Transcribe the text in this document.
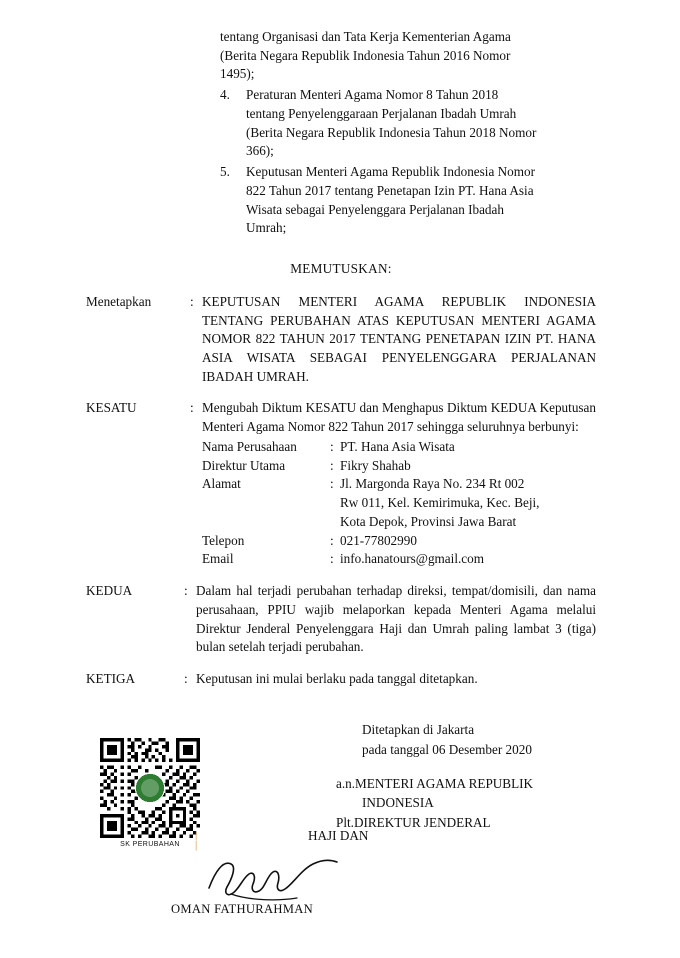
tentang Organisasi dan Tata Kerja Kementerian Agama
(Berita Negara Republik Indonesia Tahun 2016 Nomor
1495);
4.	Peraturan Menteri Agama Nomor 8 Tahun 2018
tentang Penyelenggaraan Perjalanan Ibadah Umrah
(Berita Negara Republik Indonesia Tahun 2018 Nomor
366);
5.	Keputusan Menteri Agama Republik Indonesia Nomor
822 Tahun 2017 tentang Penetapan Izin PT. Hana Asia
Wisata sebagai Penyelenggara Perjalanan Ibadah
Umrah;
MEMUTUSKAN:
Menetapkan	: KEPUTUSAN MENTERI AGAMA REPUBLIK INDONESIA TENTANG PERUBAHAN ATAS KEPUTUSAN MENTERI AGAMA NOMOR 822 TAHUN 2017 TENTANG PENETAPAN IZIN PT. HANA ASIA WISATA SEBAGAI PENYELENGGARA PERJALANAN IBADAH UMRAH.
KESATU	: Mengubah Diktum KESATU dan Menghapus Diktum KEDUA Keputusan Menteri Agama Nomor 822 Tahun 2017 sehingga seluruhnya berbunyi:
Nama Perusahaan	: PT. Hana Asia Wisata
Direktur Utama	: Fikry Shahab
Alamat	: Jl. Margonda Raya No. 234 Rt 002
Rw 011, Kel. Kemirimuka, Kec. Beji,
Kota Depok, Provinsi Jawa Barat
Telepon	: 021-77802990
Email	: info.hanatours@gmail.com
KEDUA	: Dalam hal terjadi perubahan terhadap direksi, tempat/domisili, dan nama perusahaan, PPIU wajib melaporkan kepada Menteri Agama melalui Direktur Jenderal Penyelenggara Haji dan Umrah paling lambat 3 (tiga) bulan setelah terjadi perubahan.
KETIGA	: Keputusan ini mulai berlaku pada tanggal ditetapkan.
SK PERUBAHAN
Ditetapkan di Jakarta
pada tanggal 06 Desember 2020
a.n.MENTERI AGAMA REPUBLIK
INDONESIA
Plt.DIREKTUR JENDERAL
HAJI DAN
|
|
OMAN FATHURAHMAN
